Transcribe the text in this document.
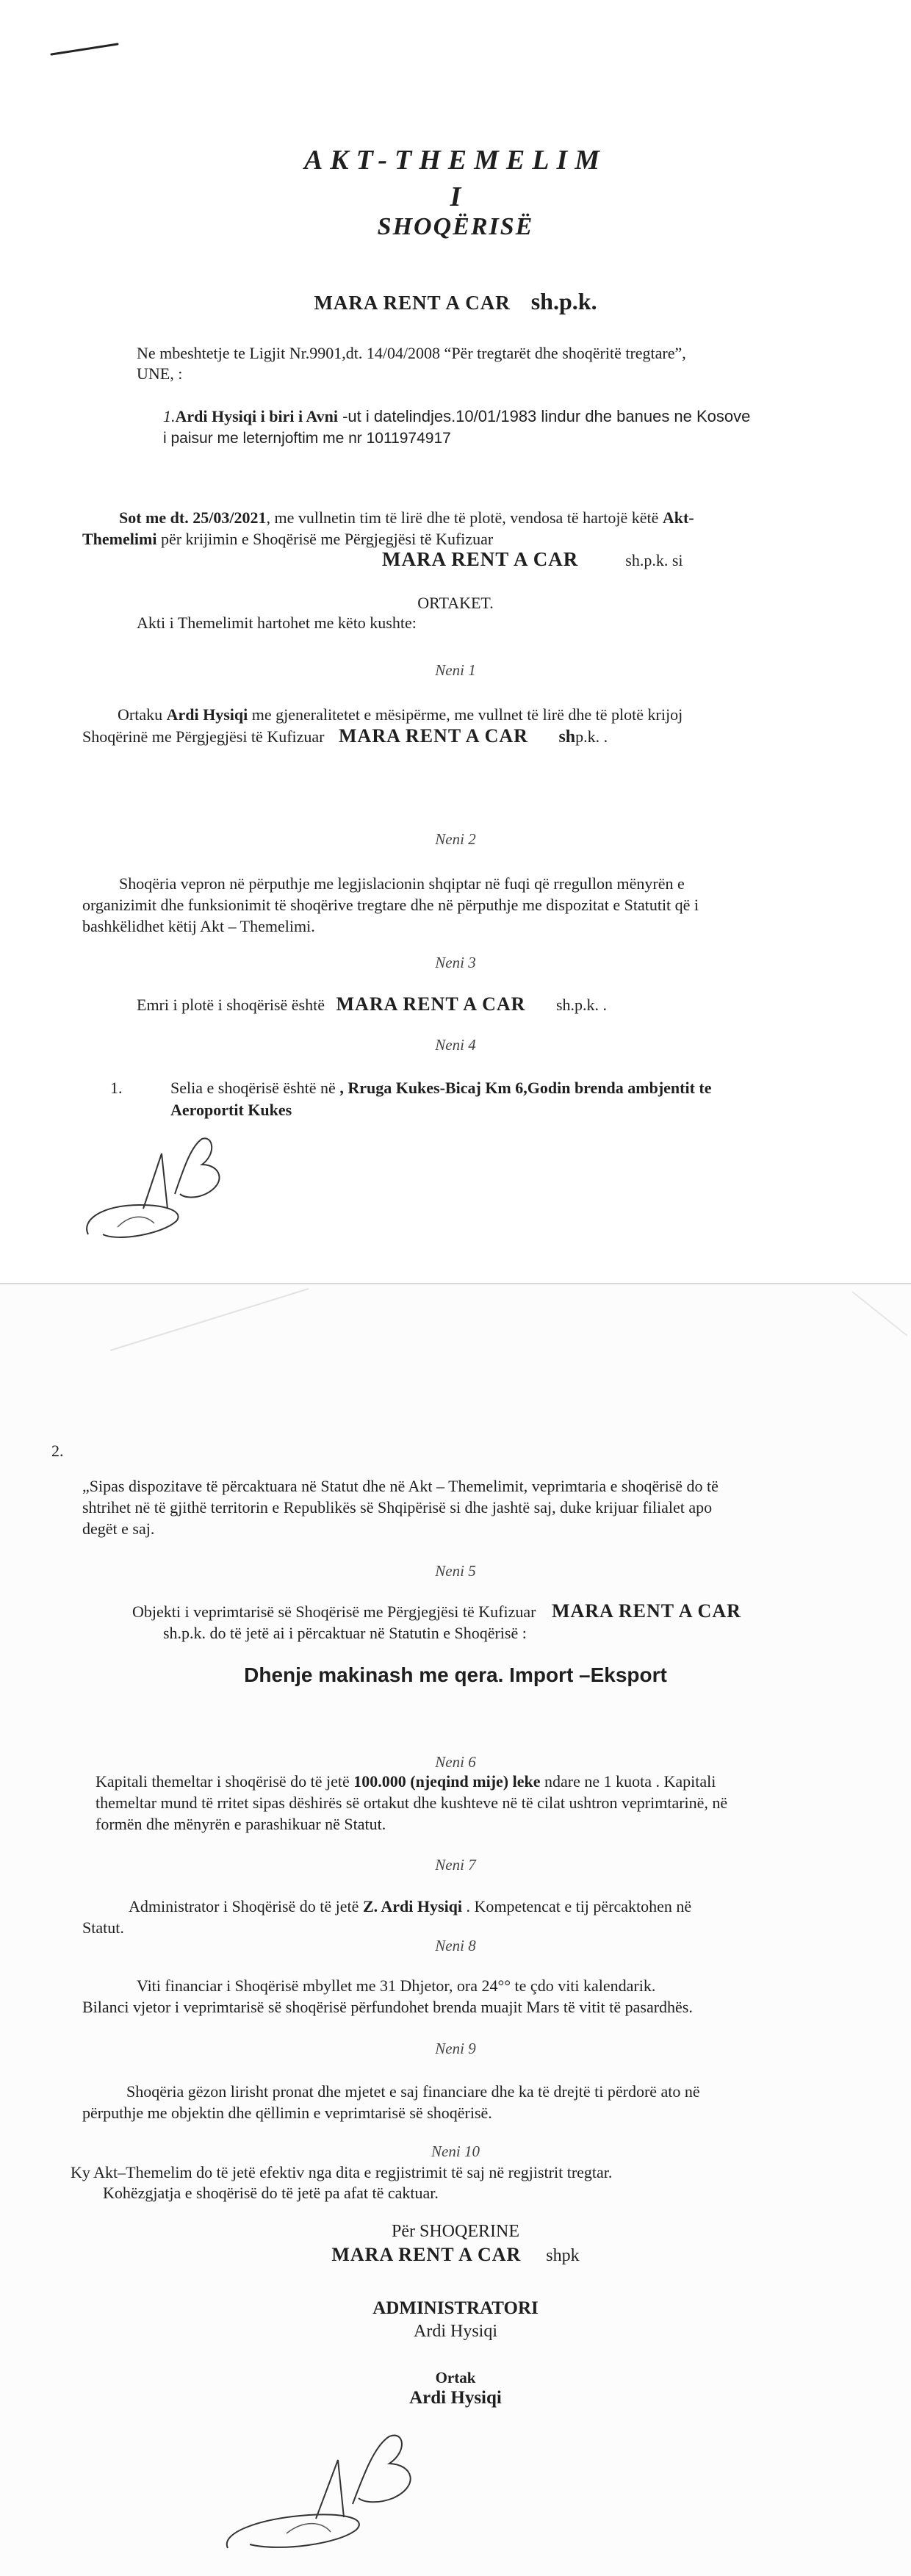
AKT-THEMELIM
I
SHOQËRISË
MARA RENT A CAR sh.p.k.
Ne mbeshtetje te Ligjit Nr.9901,dt. 14/04/2008 “Për tregtarët dhe shoqëritë tregtare”,
UNE, :
1.Ardi Hysiqi i biri i Avni -ut i datelindjes.10/01/1983 lindur dhe banues ne Kosove
i paisur me leternjoftim me nr 1011974917
Sot me dt. 25/03/2021, me vullnetin tim të lirë dhe të plotë, vendosa të hartojë këtë Akt-
Themelimi për krijimin e Shoqërisë me Përgjegjësi të Kufizuar
MARA RENT A CAR	sh.p.k. si
ORTAKET.
Akti i Themelimit hartohet me këto kushte:
Neni 1
Ortaku Ardi Hysiqi me gjeneralitetet e mësipërme, me vullnet të lirë dhe të plotë krijoj
Shoqërinë me Përgjegjësi të Kufizuar MARA RENT A CAR shp.k. .
Neni 2
Shoqëria vepron në përputhje me legjislacionin shqiptar në fuqi që rregullon mënyrën e
organizimit dhe funksionimit të shoqërive tregtare dhe në përputhje me dispozitat e Statutit që i
bashkëlidhet këtij Akt – Themelimi.
Neni 3
Emri i plotë i shoqërisë është MARA RENT A CAR sh.p.k. .
Neni 4
1.	Selia e shoqërisë është në , Rruga Kukes-Bicaj Km 6,Godin brenda ambjentit te
Aeroportit Kukes
2.
„Sipas dispozitave të përcaktuara në Statut dhe në Akt – Themelimit, veprimtaria e shoqërisë do të
shtrihet në të gjithë territorin e Republikës së Shqipërisë si dhe jashtë saj, duke krijuar filialet apo
degët e saj.
Neni 5
Objekti i veprimtarisë së Shoqërisë me Përgjegjësi të Kufizuar MARA RENT A CAR
sh.p.k. do të jetë ai i përcaktuar në Statutin e Shoqërisë :
Dhenje makinash me qera. Import –Eksport
Neni 6
Kapitali themeltar i shoqërisë do të jetë 100.000 (njeqind mije) leke ndare ne 1 kuota . Kapitali
themeltar mund të rritet sipas dëshirës së ortakut dhe kushteve në të cilat ushtron veprimtarinë, në
formën dhe mënyrën e parashikuar në Statut.
Neni 7
Administrator i Shoqërisë do të jetë Z. Ardi Hysiqi . Kompetencat e tij përcaktohen në
Statut.
Neni 8
Viti financiar i Shoqërisë mbyllet me 31 Dhjetor, ora 24°° te çdo viti kalendarik.
Bilanci vjetor i veprimtarisë së shoqërisë përfundohet brenda muajit Mars të vitit të pasardhës.
Neni 9
Shoqëria gëzon lirisht pronat dhe mjetet e saj financiare dhe ka të drejtë ti përdorë ato në
përputhje me objektin dhe qëllimin e veprimtarisë së shoqërisë.
Neni 10
Ky Akt–Themelim do të jetë efektiv nga dita e regjistrimit të saj në regjistrit tregtar.
Kohëzgjatja e shoqërisë do të jetë pa afat të caktuar.
Për SHOQERINE
MARA RENT A CAR shpk
ADMINISTRATORI
Ardi Hysiqi
Ortak
Ardi Hysiqi
